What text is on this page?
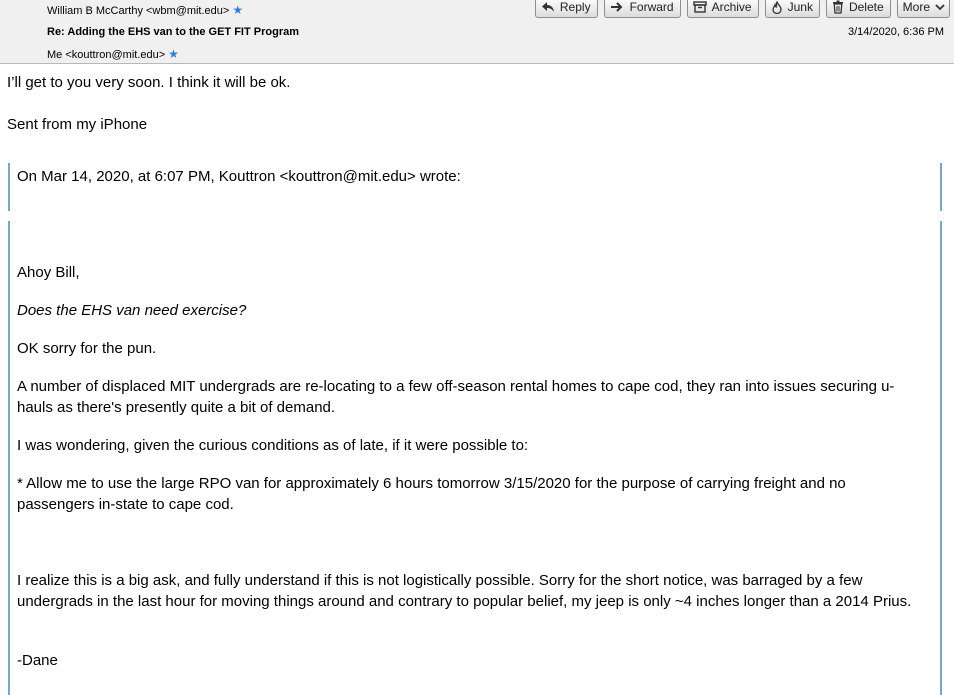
William B McCarthy <wbm@mit.edu> ★
Re: Adding the EHS van to the GET FIT Program
Me <kouttron@mit.edu> ★
3/14/2020, 6:36 PM
Reply	Forward	Archive	Junk	Delete More
I’ll get to you very soon. I think it will be ok.
Sent from my iPhone
On Mar 14, 2020, at 6:07 PM, Kouttron <kouttron@mit.edu> wrote:
Ahoy Bill,
Does the EHS van need exercise?
OK sorry for the pun.
A number of displaced MIT undergrads are re-locating to a few off-season rental homes to cape cod, they ran into issues securing u-hauls as there's presently quite a bit of demand.
I was wondering, given the curious conditions as of late, if it were possible to:
* Allow me to use the large RPO van for approximately 6 hours tomorrow 3/15/2020 for the purpose of carrying freight and no passengers in-state to cape cod.
I realize this is a big ask, and fully understand if this is not logistically possible. Sorry for the short notice, was barraged by a few undergrads in the last hour for moving things around and contrary to popular belief, my jeep is only ~4 inches longer than a 2014 Prius.
-Dane
